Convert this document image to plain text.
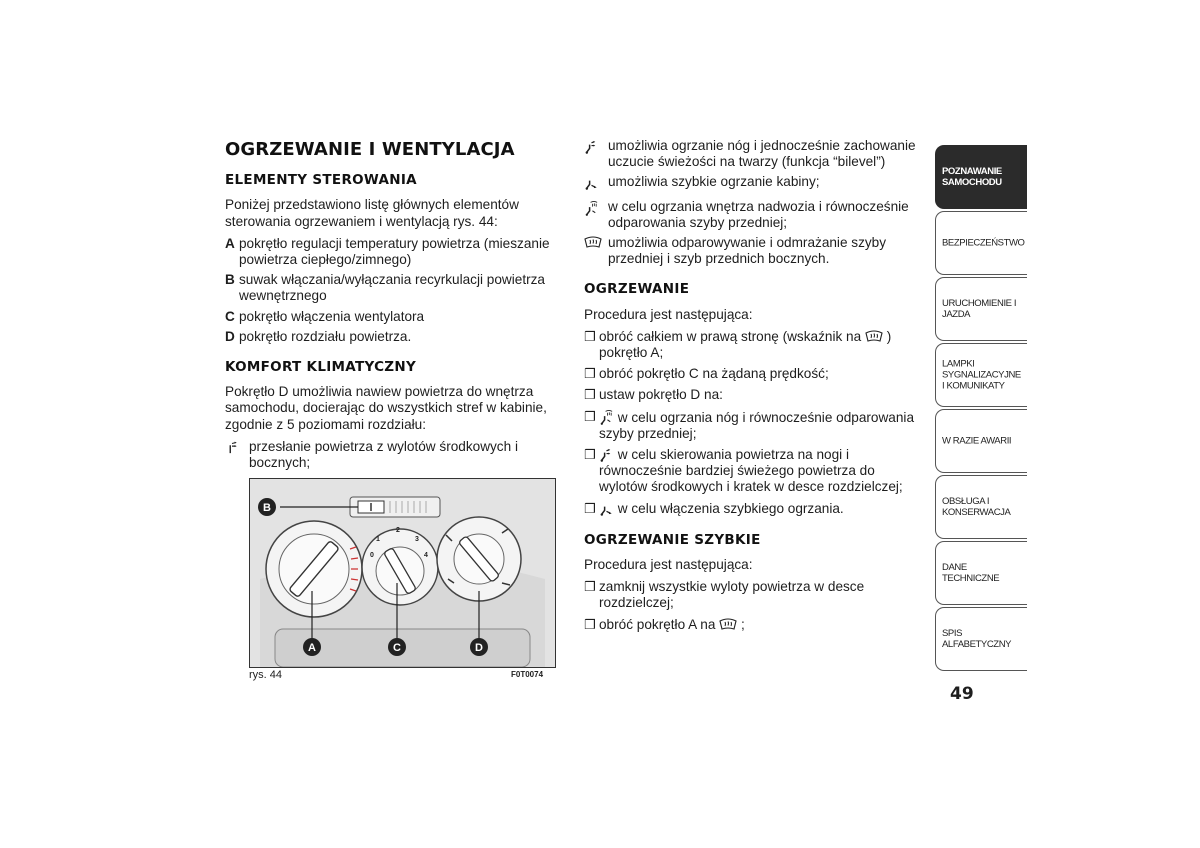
OGRZEWANIE I WENTYLACJA
ELEMENTY STEROWANIA

Poniżej przedstawiono listę głównych elementów sterowania ogrzewaniem i wentylacją rys. 44:

A pokrętło regulacji temperatury powietrza (mieszanie powietrza ciepłego/zimnego)
B suwak włączania/wyłączania recyrkulacji powietrza wewnętrznego
C pokrętło włączenia wentylatora
D pokrętło rozdziału powietrza.
KOMFORT KLIMATYCZNY

Pokrętło D umożliwia nawiew powietrza do wnętrza samochodu, docierając do wszystkich stref w kabinie, zgodnie z 5 poziomami rozdziału:

przesłanie powietrza z wylotów środkowych i bocznych;
0
1
2
3
4
B
A	C	D
rys. 44	F0T0074
umożliwia ogrzanie nóg i jednocześnie zachowanie uczucie świeżości na twarzy (funkcja “bilevel”)
umożliwia szybkie ogrzanie kabiny;
w celu ogrzania wnętrza nadwozia i równocześnie odparowania szyby przedniej;
umożliwia odparowywanie i odmrażanie szyby przedniej i szyb przednich bocznych.
OGRZEWANIE

Procedura jest następująca:

❒ obróć całkiem w prawą stronę (wskaźnik na ) pokrętło A;
❒ obróć pokrętło C na żądaną prędkość;
❒ ustaw pokrętło D na:
❒	w celu ogrzania nóg i równocześnie odparowania szyby przedniej;
❒	w celu skierowania powietrza na nogi i równocześnie bardziej świeżego powietrza do wylotów środkowych i kratek w desce rozdzielczej;
❒	w celu włączenia szybkiego ogrzania.
OGRZEWANIE SZYBKIE

Procedura jest następująca:

❒ zamknij wszystkie wyloty powietrza w desce rozdzielczej;
❒ obróć pokrętło A na ;
POZNAWANIE SAMOCHODU
BEZPIECZEŃSTWO
URUCHOMIENIE I JAZDA
LAMPKI SYGNALIZACYJNE I KOMUNIKATY
W RAZIE AWARII
OBSŁUGA I KONSERWACJA
DANE TECHNICZNE
SPIS ALFABETYCZNY
49
